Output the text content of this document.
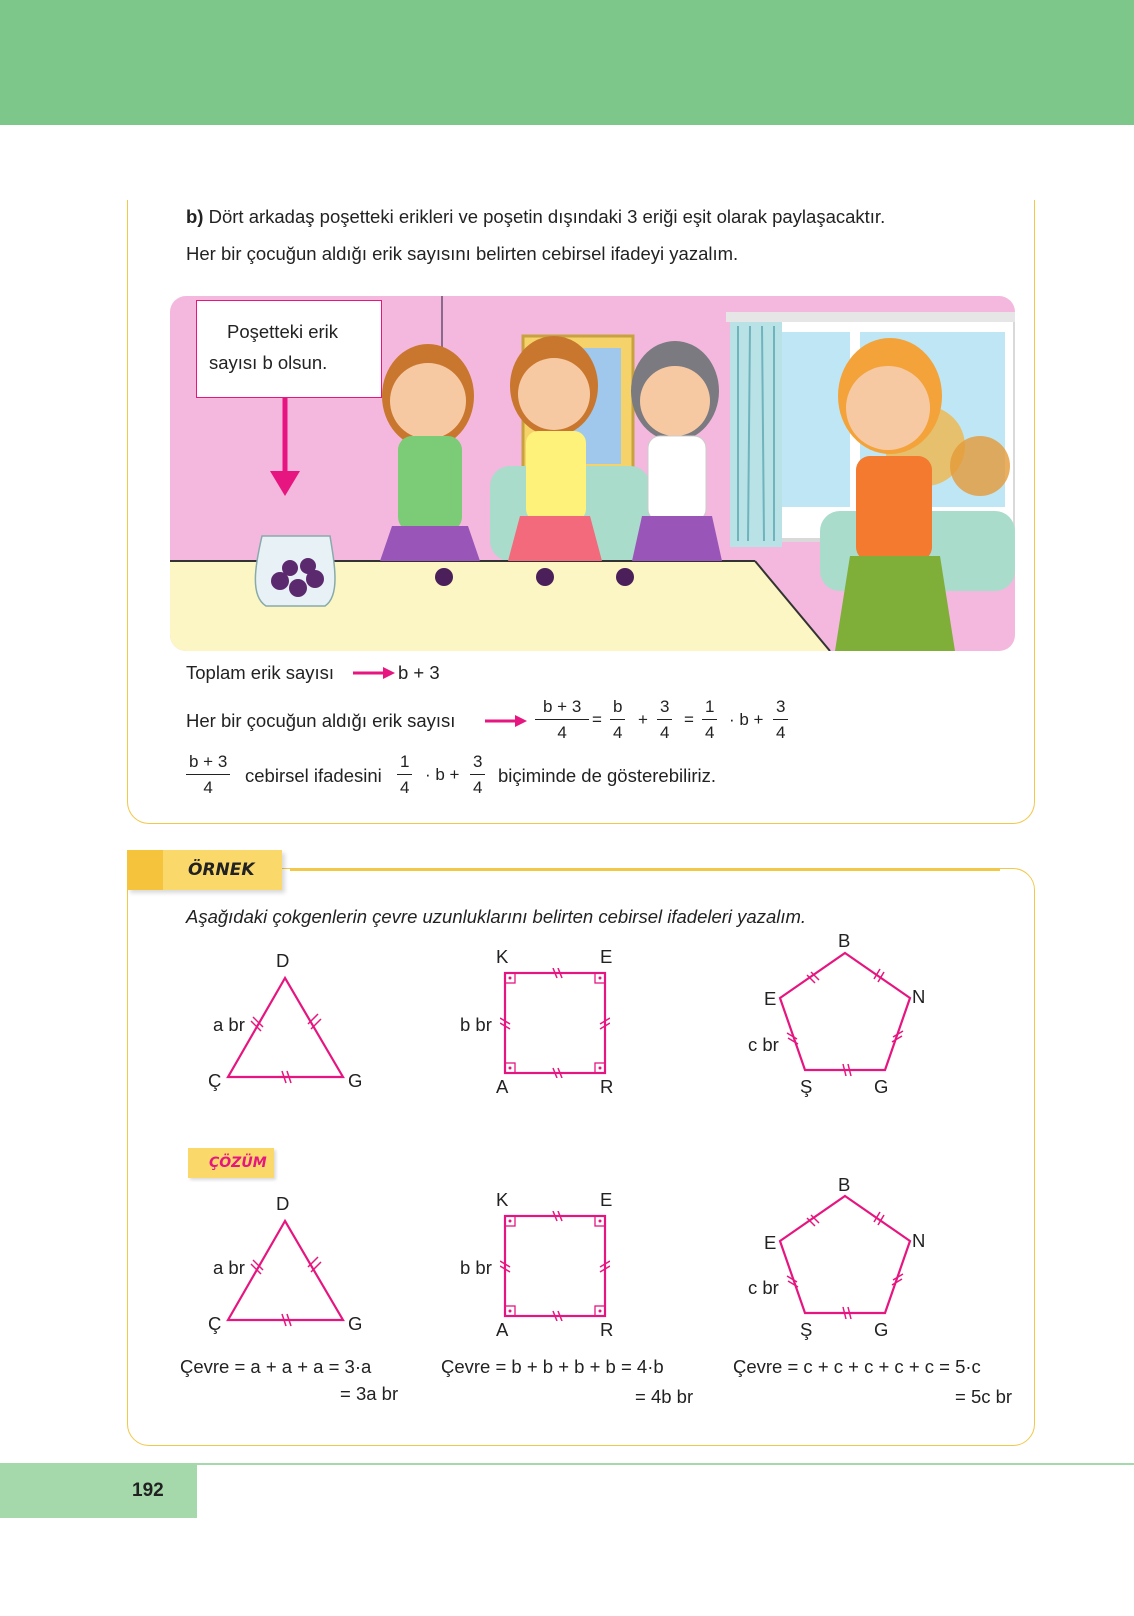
b) Dört arkadaş poşetteki erikleri ve poşetin dışındaki 3 eriği eşit olarak paylaşacaktır.
Her bir çocuğun aldığı erik sayısını belirten cebirsel ifadeyi yazalım.
Poşetteki erik
sayısı b olsun.
Toplam erik sayısı	b + 3
Her bir çocuğun aldığı erik sayısı	$\frac{b + 3}{4} = \frac{b}{4} + \frac{3}{4} = \frac{1}{4} \cdot b + \frac{3}{4}$
$\frac{b + 3}{4}$ cebirsel ifadesini $\frac{1}{4} \cdot b + \frac{3}{4}$ biçiminde de gösterebiliriz.
ÖRNEK
Aşağıdaki çokgenlerin çevre uzunluklarını belirten cebirsel ifadeleri yazalım.
D
Ç	G
a br
K	E
A	R
b br
B
E	N
Ş	G
c br
ÇÖZÜM
D
Ç	G
a br
K	E
A	R
b br
B
E	N
Ş	G
c br
Çevre = a + a + a = 3·a
= 3a br
Çevre = b + b + b + b = 4·b
= 4b br
Çevre = c + c + c + c + c = 5·c
= 5c br
192
